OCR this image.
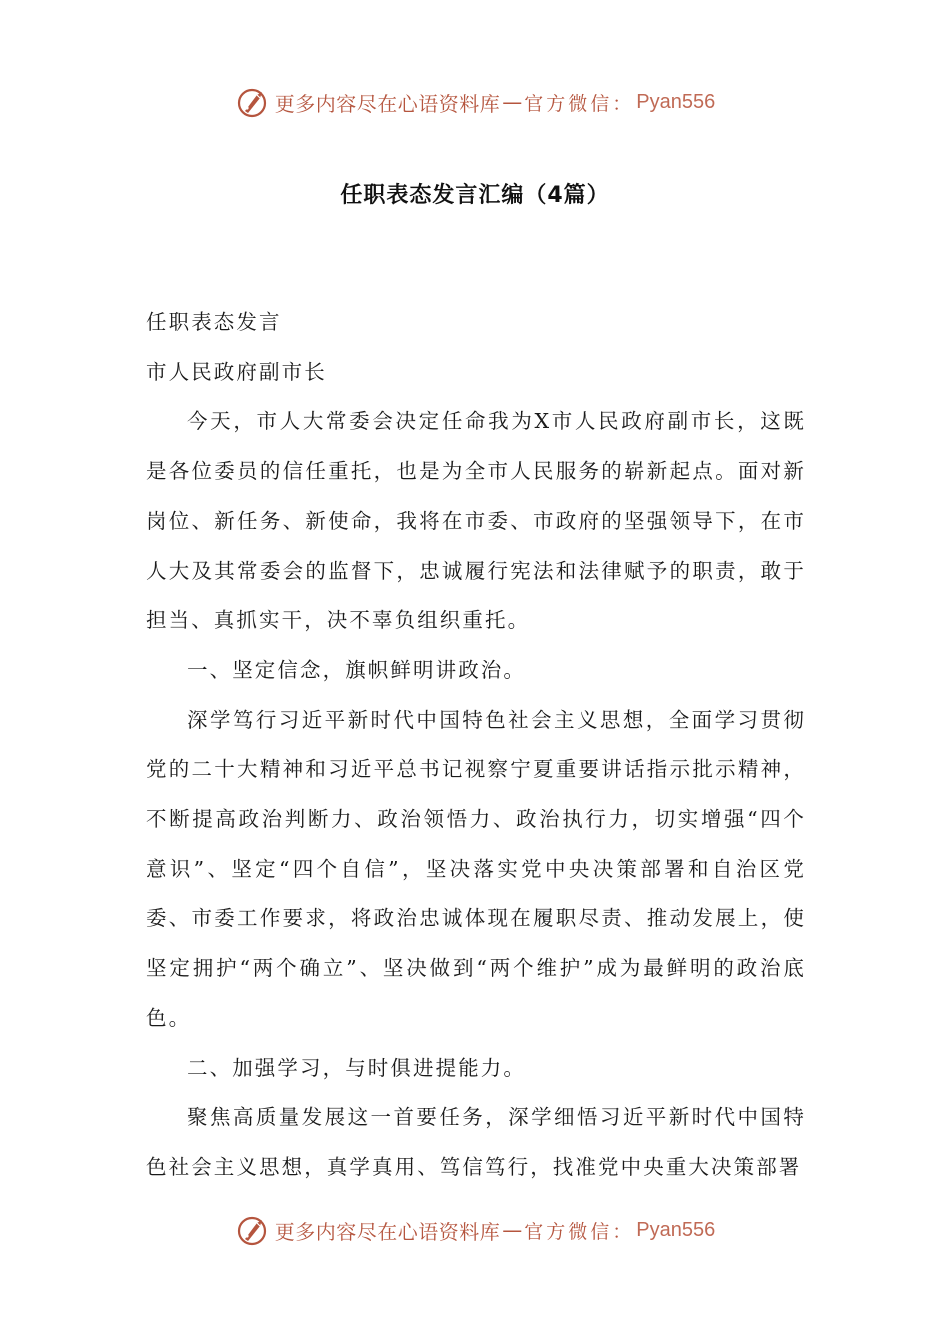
更多内容尽在心语资料库 — 官方微信： Pyan556
任职表态发言汇编（4篇）

任职表态发言

市人民政府副市长

今天，市人大常委会决定任命我为X市人民政府副市长，这既是各位委员的信任重托，也是为全市人民服务的崭新起点。面对新岗位、新任务、新使命，我将在市委、市政府的坚强领导下，在市人大及其常委会的监督下，忠诚履行宪法和法律赋予的职责，敢于担当、真抓实干，决不辜负组织重托。

一、坚定信念，旗帜鲜明讲政治。

深学笃行习近平新时代中国特色社会主义思想，全面学习贯彻党的二十大精神和习近平总书记视察宁夏重要讲话指示批示精神，不断提高政治判断力、政治领悟力、政治执行力，切实增强“四个意识”、坚定“四个自信”，坚决落实党中央决策部署和自治区党委、市委工作要求，将政治忠诚体现在履职尽责、推动发展上，使坚定拥护“两个确立”、坚决做到“两个维护”成为最鲜明的政治底色。

二、加强学习，与时俱进提能力。

聚焦高质量发展这一首要任务，深学细悟习近平新时代中国特色社会主义思想，真学真用、笃信笃行，找准党中央重大决策部署

更多内容尽在心语资料库 — 官方微信： Pyan556
